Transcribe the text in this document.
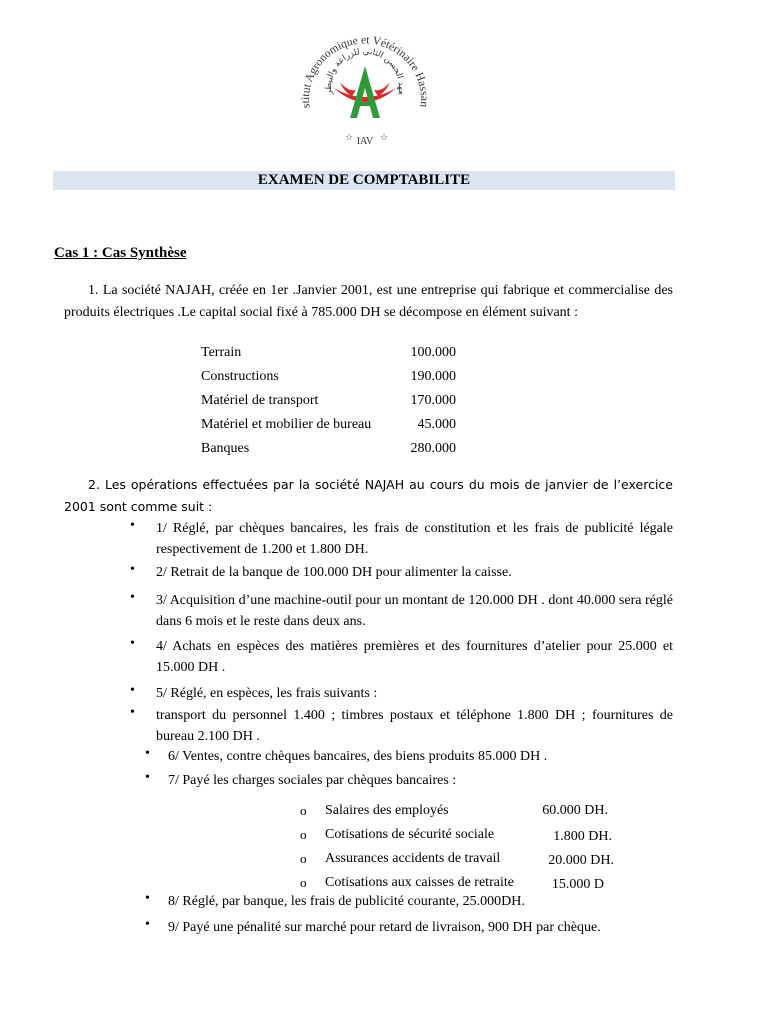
stitut Agronomique et Vétérinaire Hassan
عهد الحسن الثاني للزراعة والبيطر
☆	☆
IAV
EXAMEN DE COMPTABILITE
Cas 1 : Cas Synthèse
1. La société NAJAH, créée en 1er .Janvier 2001, est une entreprise qui fabrique et commercialise des produits électriques .Le capital social fixé à 785.000 DH se décompose en élément suivant :
Terrain	100.000
Constructions	190.000
Matériel de transport	170.000
Matériel et mobilier de bureau	45.000
Banques	280.000
2. Les opérations effectuées par la société NAJAH au cours du mois de janvier de l’exercice 2001 sont comme suit :
•	1/ Réglé, par chèques bancaires, les frais de constitution et les frais de publicité légale respectivement de 1.200 et 1.800 DH.
•	2/ Retrait de la banque de 100.000 DH pour alimenter la caisse.
•	3/ Acquisition d’une machine-outil pour un montant de 120.000 DH . dont 40.000 sera réglé dans 6 mois et le reste dans deux ans.
•	4/ Achats en espèces des matières premières et des fournitures d’atelier pour 25.000 et 15.000 DH .
•	5/ Réglé, en espèces, les frais suivants :
•	transport du personnel 1.400 ; timbres postaux et téléphone 1.800 DH ; fournitures de bureau 2.100 DH .
•	6/ Ventes, contre chèques bancaires, des biens produits 85.000 DH .
•	7/ Payé les charges sociales par chèques bancaires :
o Salaires des employés	60.000 DH.
o Cotisations de sécurité sociale	1.800 DH.
o Assurances accidents de travail	20.000 DH.
o Cotisations aux caisses de retraite	15.000 D
•	8/ Réglé, par banque, les frais de publicité courante, 25.000DH.
•	9/ Payé une pénalité sur marché pour retard de livraison, 900 DH par chèque.
